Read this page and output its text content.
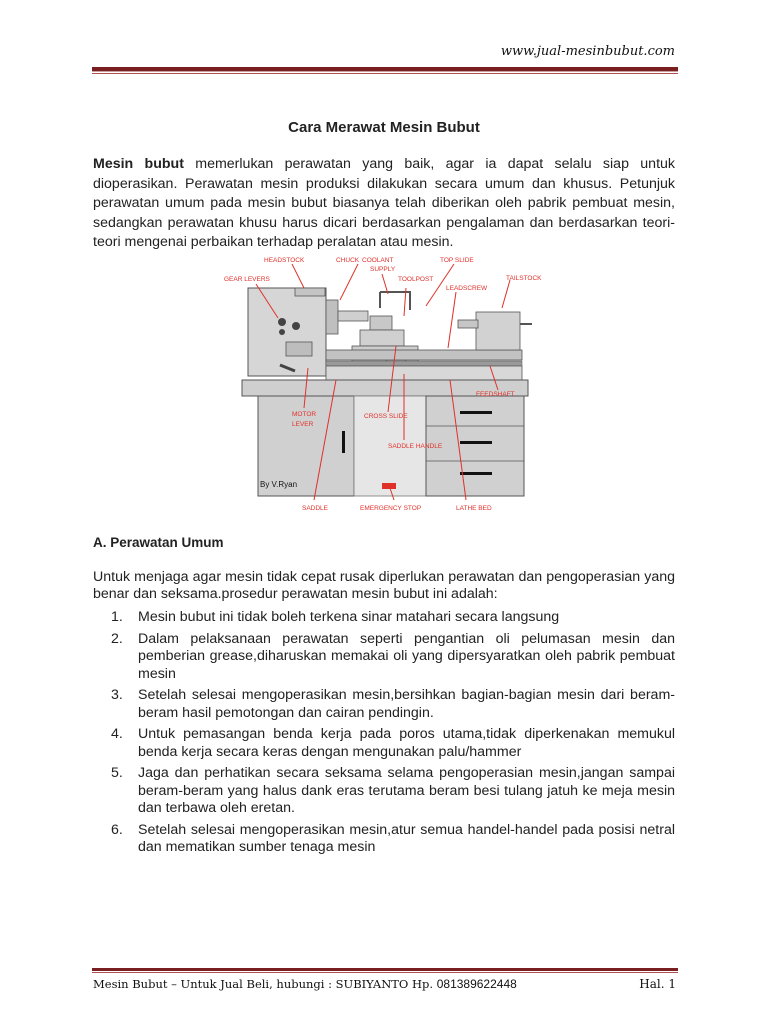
www.jual-mesinbubut.com
Cara Merawat Mesin Bubut
Mesin bubut memerlukan perawatan yang baik, agar ia dapat selalu siap untuk dioperasikan. Perawatan mesin produksi dilakukan secara umum dan khusus. Petunjuk perawatan umum pada mesin bubut biasanya telah diberikan oleh pabrik pembuat mesin, sedangkan perawatan khusu harus dicari berdasarkan pengalaman dan berdasarkan teori-teori mengenai perbaikan terhadap peralatan atau mesin.
HEADSTOCK	CHUCK COOLANT
SUPPLY
TOP SLIDE
TAILSTOCK
GEAR LEVERS	TOOLPOST
LEADSCREW
FEEDSHAFT
MOTOR
LEVER
CROSS SLIDE
SADDLE HANDLE
SADDLE	EMERGENCY STOP	LATHE BED
By V.Ryan
A. Perawatan Umum
Untuk menjaga agar mesin tidak cepat rusak diperlukan perawatan dan pengoperasian yang benar dan seksama.prosedur perawatan mesin bubut ini adalah:
1. Mesin bubut ini tidak boleh terkena sinar matahari secara langsung
2. Dalam pelaksanaan perawatan seperti pengantian oli pelumasan mesin dan pemberian grease,diharuskan memakai oli yang dipersyaratkan oleh pabrik pembuat mesin
3. Setelah selesai mengoperasikan mesin,bersihkan bagian-bagian mesin dari beram-beram hasil pemotongan dan cairan pendingin.
4. Untuk pemasangan benda kerja pada poros utama,tidak diperkenakan memukul benda kerja secara keras dengan mengunakan palu/hammer
5. Jaga dan perhatikan secara seksama selama pengoperasian mesin,jangan sampai beram-beram yang halus dank eras terutama beram besi tulang jatuh ke meja mesin dan terbawa oleh eretan.
6. Setelah selesai mengoperasikan mesin,atur semua handel-handel pada posisi netral dan mematikan sumber tenaga mesin
Mesin Bubut – Untuk Jual Beli, hubungi : SUBIYANTO Hp. 081389622448	Hal. 1
